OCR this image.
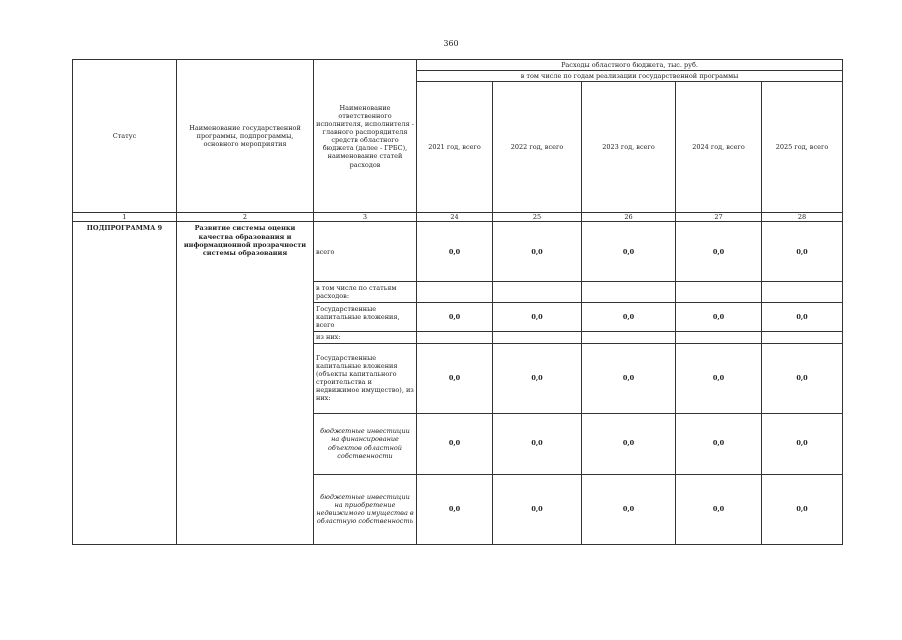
360
Статус	Наименование государственной программы, подпрограммы, основного мероприятия	Наименование ответственного исполнителя, исполнителя - главного распорядителя средств областного бюджета (далее - ГРБС), наименование статей расходов	Расходы областного бюджета, тыс. руб.				
			в том числе по годам реализации государственной программы				
			2021 год, всего	2022 год, всего	2023 год, всего	2024 год, всего	2025 год, всего
1	2	3	24	25	26	27	28
ПОДПРОГРАММА 9	Развитие системы оценки качества образования и информационной прозрачности системы образования	всего	0,0	0,0	0,0	0,0	0,0
		в том числе по статьям расходов:					
		Государственные капитальные вложения, всего	0,0	0,0	0,0	0,0	0,0
		из них:					
		Государственные капитальные вложения (объекты капитального строительства и недвижимое имущество), из них:	0,0	0,0	0,0	0,0	0,0
		бюджетные инвестиции на финансирование объектов областной собственности	0,0	0,0	0,0	0,0	0,0
		бюджетные инвестиции на приобретение недвижимого имущества в областную собственность	0,0	0,0	0,0	0,0	0,0
